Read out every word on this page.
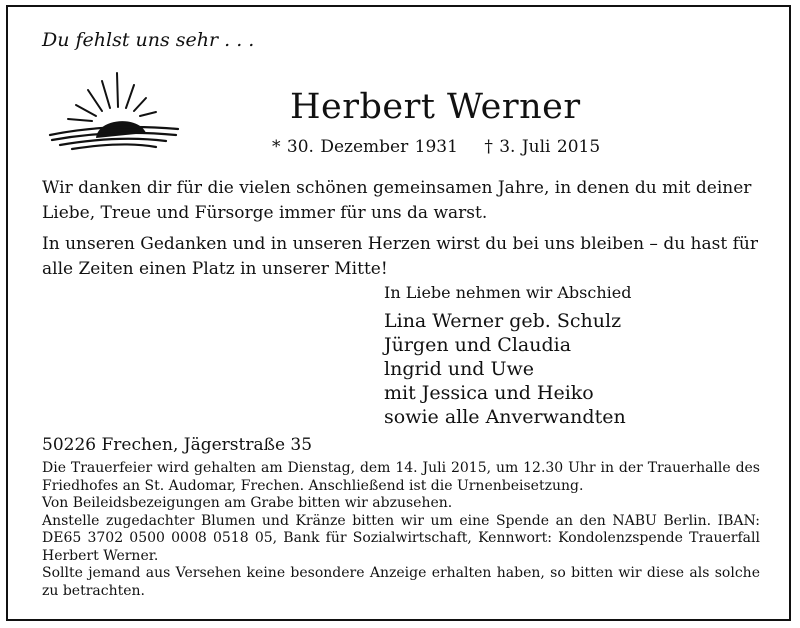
Du fehlst uns sehr . . .
Herbert Werner
* 30. Dezember 1931 † 3. Juli 2015
Wir danken dir für die vielen schönen gemeinsamen Jahre, in denen du mit deiner Liebe, Treue und Fürsorge immer für uns da warst.
In unseren Gedanken und in unseren Herzen wirst du bei uns bleiben – du hast für alle Zeiten einen Platz in unserer Mitte!
In Liebe nehmen wir Abschied
Lina Werner geb. Schulz
Jürgen und Claudia
lngrid und Uwe
mit Jessica und Heiko
sowie alle Anverwandten
50226 Frechen, Jägerstraße 35
Die Trauerfeier wird gehalten am Dienstag, dem 14. Juli 2015, um 12.30 Uhr in der Trauerhalle des Friedhofes an St. Audomar, Frechen. Anschließend ist die Urnenbeisetzung.
Von Beileidsbezeigungen am Grabe bitten wir abzusehen.
Anstelle zugedachter Blumen und Kränze bitten wir um eine Spende an den NABU Berlin. IBAN: DE65 3702 0500 0008 0518 05, Bank für Sozialwirtschaft, Kennwort: Kondolenzspende Trauerfall Herbert Werner.
Sollte jemand aus Versehen keine besondere Anzeige erhalten haben, so bitten wir diese als solche zu betrachten.
